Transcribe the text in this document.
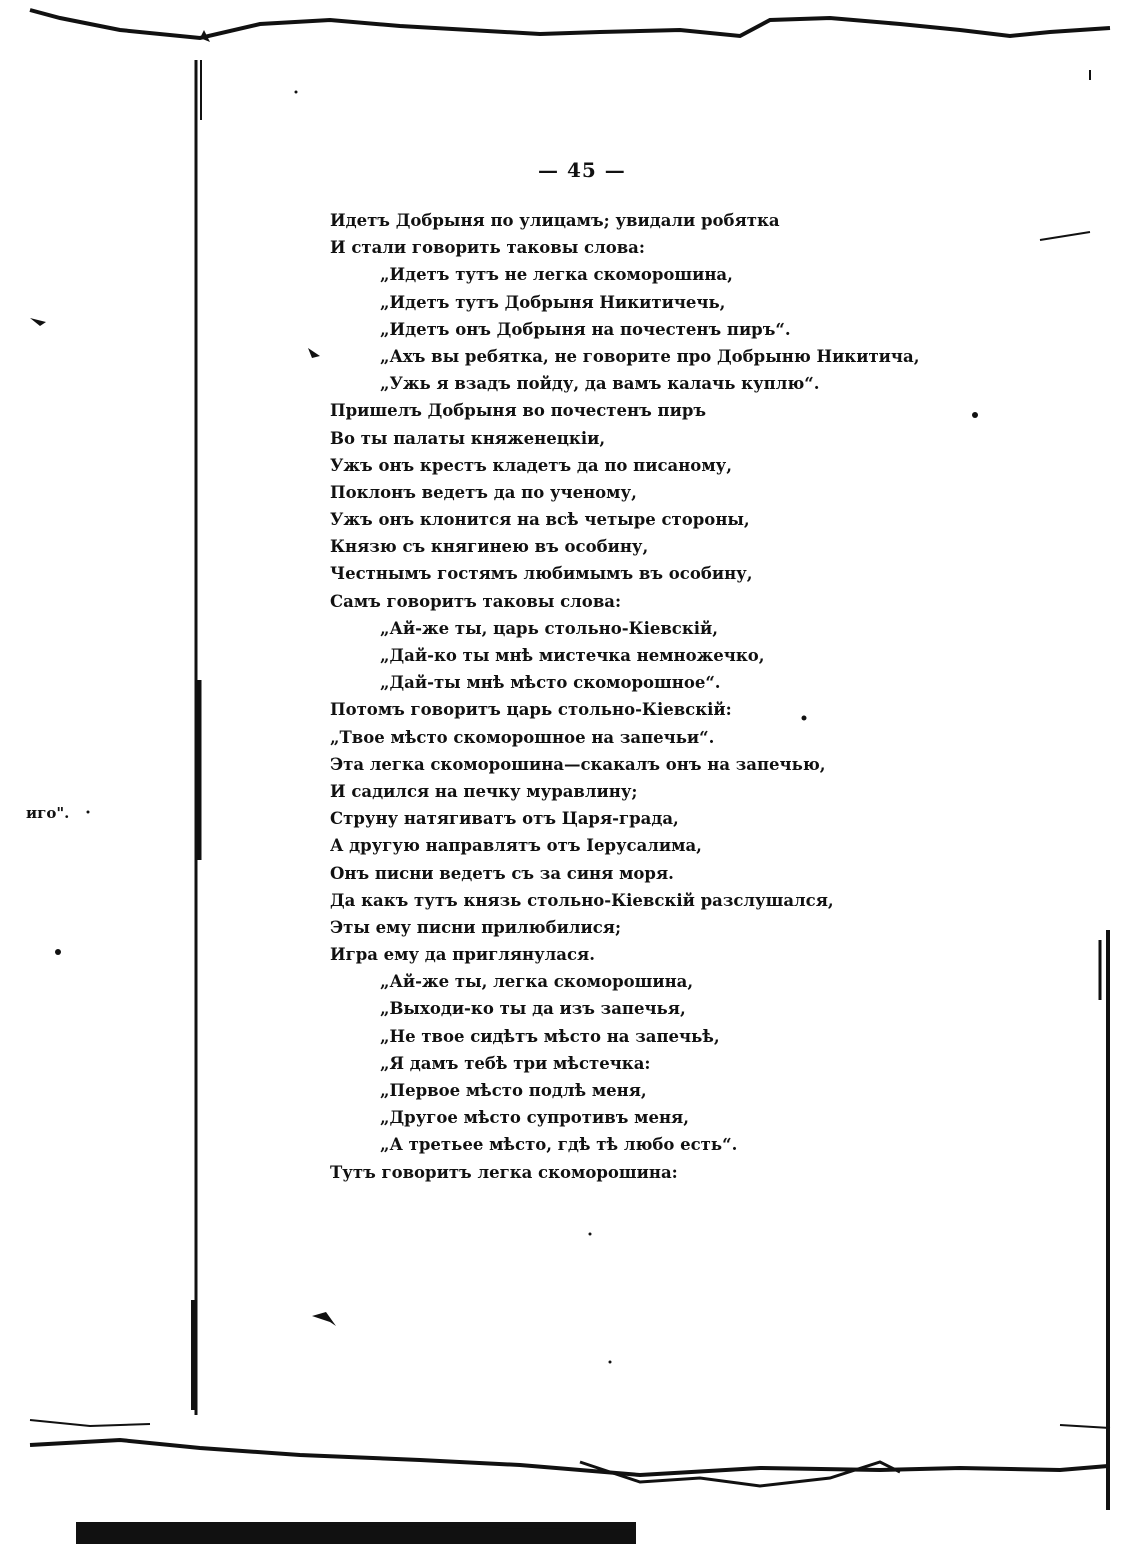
— 45 —
Идетъ Добрыня по улицамъ; увидали робятка
И стали говорить таковы слова:
„Идетъ тутъ не легка скоморошина,
„Идетъ тутъ Добрыня Никитичечь,
„Идетъ онъ Добрыня на почестенъ пиръ“.
„Ахъ вы ребятка, не говорите про Добрыню Никитича,
„Ужь я взадъ пойду, да вамъ калачь куплю“.
Пришелъ Добрыня во почестенъ пиръ
Во ты палаты княженецкіи,
Ужъ онъ крестъ кладетъ да по писаному,
Поклонъ ведетъ да по ученому,
Ужъ онъ клонится на вcѣ четыре стороны,
Князю съ княгинею въ особину,
Честнымъ гостямъ любимымъ въ особину,
Самъ говоритъ таковы слова:
„Ай-же ты, царь стольно-Кіевскій,
„Дай-ко ты мнѣ мистечка немножечко,
„Дай-ты мнѣ мѣсто скоморошное“.
Потомъ говоритъ царь стольно-Кіевскій:
„Твое мѣсто скоморошное на запечьи“.
Эта легка скоморошина—скакалъ онъ на запечью,
И садился на печку муравлину;
Струну натягиватъ отъ Царя-града,
А другую направлятъ отъ Іерусалима,
Онъ писни ведетъ съ за синя моря.
Да какъ тутъ князь стольно-Кіевскій разслушался,
Эты ему писни прилюбилися;
Игра ему да приглянулася.
„Ай-же ты, легка скоморошина,
„Выходи-ко ты да изъ запечья,
„Не твое сидѣтъ мѣсто на запечьѣ,
„Я дамъ тебѣ три мѣстечка:
„Первое мѣсто подлѣ меня,
„Другое мѣсто супротивъ меня,
„А третьее мѣсто, гдѣ тѣ любо есть“.
Тутъ говоритъ легка скоморошина:
иго".
